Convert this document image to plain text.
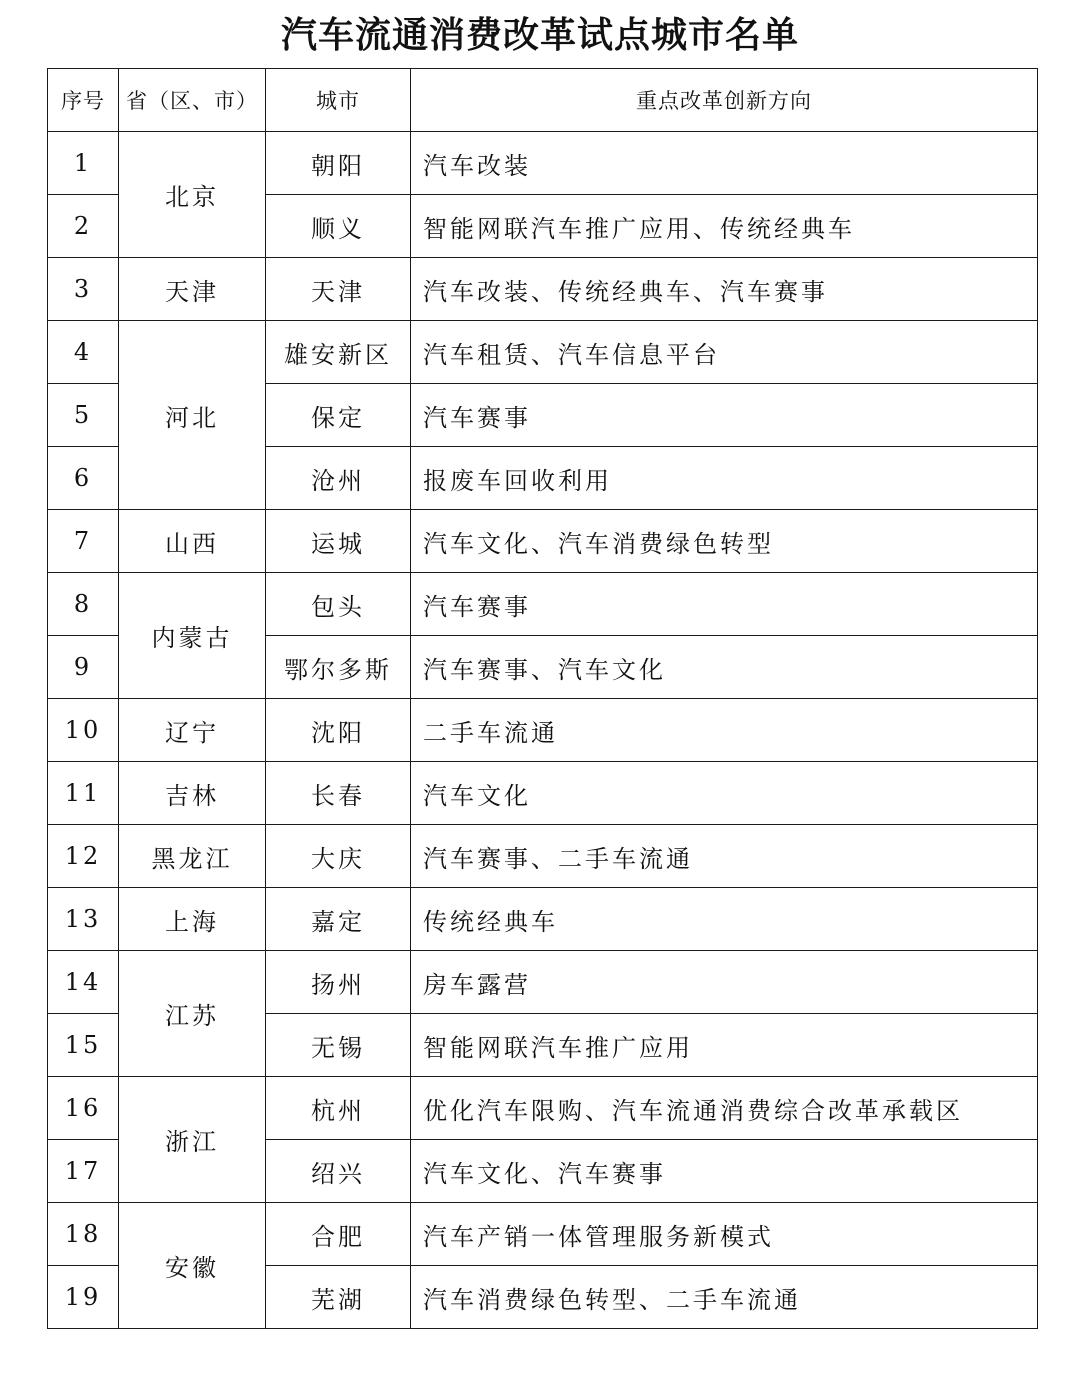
汽车流通消费改革试点城市名单
序号	省（区、市）	城市	重点改革创新方向
1	北京	朝阳	汽车改装
2		顺义	智能网联汽车推广应用、传统经典车
3	天津	天津	汽车改装、传统经典车、汽车赛事
4	河北	雄安新区	汽车租赁、汽车信息平台
5		保定	汽车赛事
6		沧州	报废车回收利用
7	山西	运城	汽车文化、汽车消费绿色转型
8	内蒙古	包头	汽车赛事
9		鄂尔多斯	汽车赛事、汽车文化
10	辽宁	沈阳	二手车流通
11	吉林	长春	汽车文化
12	黑龙江	大庆	汽车赛事、二手车流通
13	上海	嘉定	传统经典车
14	江苏	扬州	房车露营
15		无锡	智能网联汽车推广应用
16	浙江	杭州	优化汽车限购、汽车流通消费综合改革承载区
17		绍兴	汽车文化、汽车赛事
18	安徽	合肥	汽车产销一体管理服务新模式
19		芜湖	汽车消费绿色转型、二手车流通
